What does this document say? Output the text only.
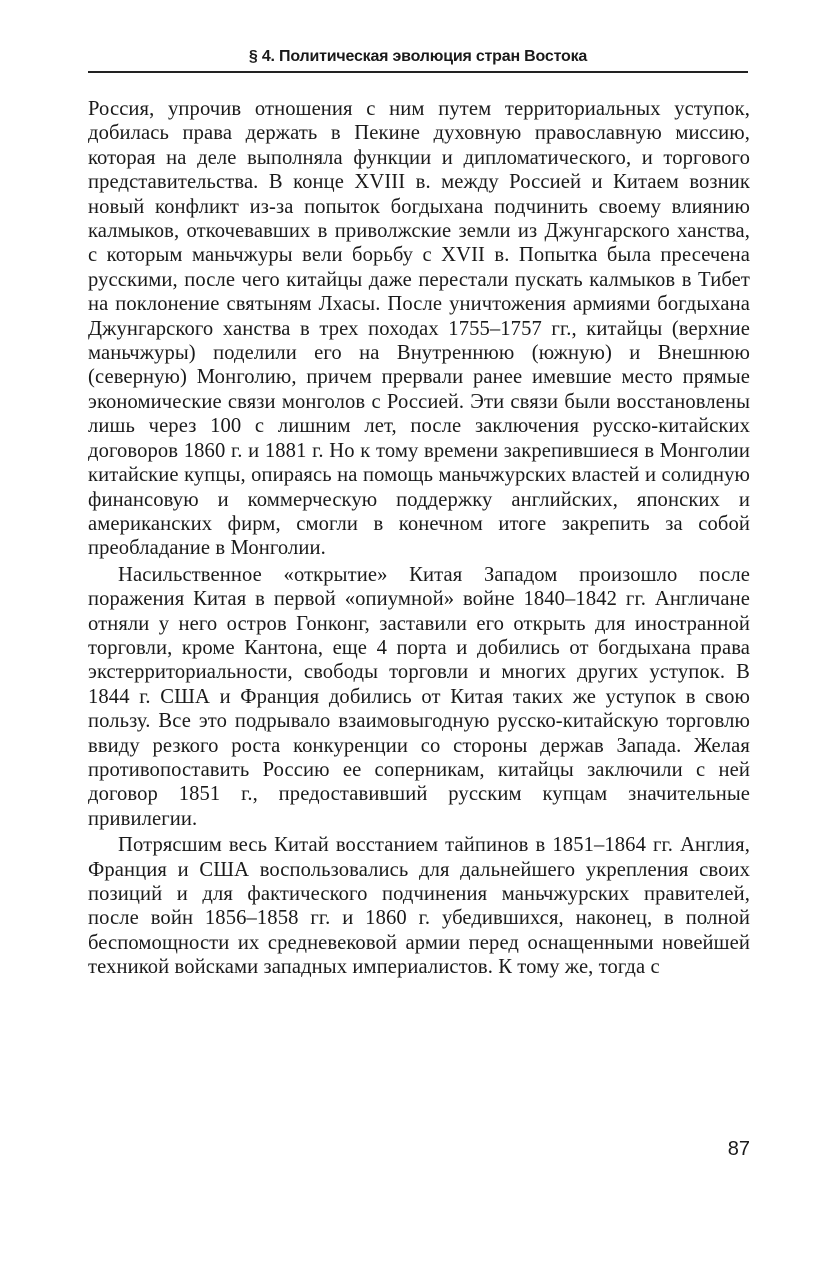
§ 4. Политическая эволюция стран Востока

Россия, упрочив отношения с ним путем территориальных уступок, добилась права держать в Пекине духовную православную миссию, которая на деле выполняла функции и дипломатического, и торгового представительства. В конце XVIII в. между Россией и Китаем возник новый конфликт из-за попыток богдыхана подчинить своему влиянию калмыков, откочевавших в приволжские земли из Джунгарского ханства, с которым маньчжуры вели борьбу с XVII в. Попытка была пресечена русскими, после чего китайцы даже перестали пускать калмыков в Тибет на поклонение святыням Лхасы. После уничтожения армиями богдыхана Джунгарского ханства в трех походах 1755–1757 гг., китайцы (верхние маньчжуры) поделили его на Внутреннюю (южную) и Внешнюю (северную) Монголию, причем прервали ранее имевшие место прямые экономические связи монголов с Россией. Эти связи были восстановлены лишь через 100 с лишним лет, после заключения русско-китайских договоров 1860 г. и 1881 г. Но к тому времени закрепившиеся в Монголии китайские купцы, опираясь на помощь маньчжурских властей и солидную финансовую и коммерческую поддержку английских, японских и американских фирм, смогли в конечном итоге закрепить за собой преобладание в Монголии.

Насильственное «открытие» Китая Западом произошло после поражения Китая в первой «опиумной» войне 1840–1842 гг. Англичане отняли у него остров Гонконг, заставили его открыть для иностранной торговли, кроме Кантона, еще 4 порта и добились от богдыхана права экстерриториальности, свободы торговли и многих других уступок. В 1844 г. США и Франция добились от Китая таких же уступок в свою пользу. Все это подрывало взаимовыгодную русско-китайскую торговлю ввиду резкого роста конкуренции со стороны держав Запада. Желая противопоставить Россию ее соперникам, китайцы заключили с ней договор 1851 г., предоставивший русским купцам значительные привилегии.

Потрясшим весь Китай восстанием тайпинов в 1851–1864 гг. Англия, Франция и США воспользовались для дальнейшего укрепления своих позиций и для фактического подчинения маньчжурских правителей, после войн 1856–1858 гг. и 1860 г. убедившихся, наконец, в полной беспомощности их средневековой армии перед оснащенными новейшей техникой войсками западных империалистов. К тому же, тогда с

87
